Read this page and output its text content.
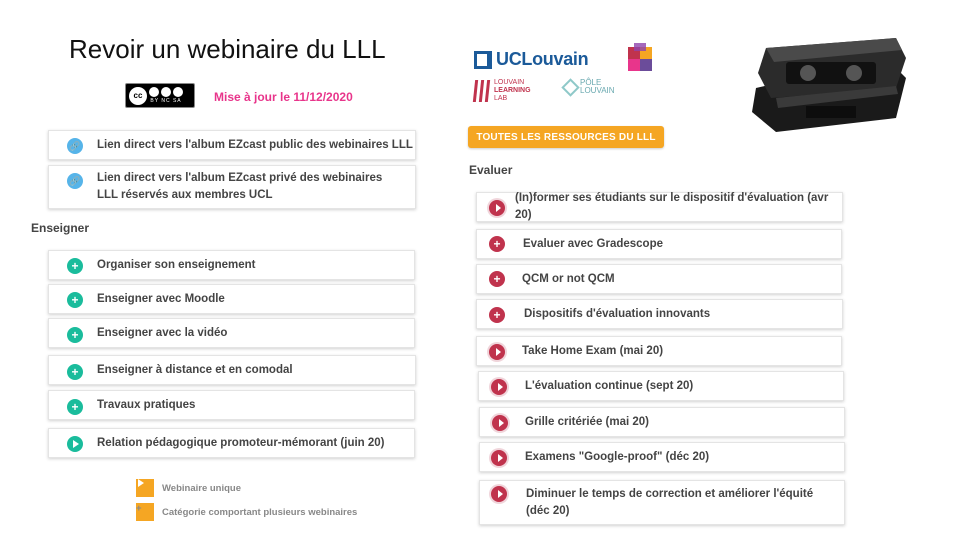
Revoir un webinaire du LLL
cc
BY NC SA	Mise à jour le 11/12/2020
UCLouvain
LOUVAIN
LEARNING
LAB
PÔLE
LOUVAIN
🔗 Lien direct vers l'album EZcast public des webinaires LLL
🔗 Lien direct vers l'album EZcast privé des webinaires LLL réservés aux membres UCL
Enseigner
+	Organiser son enseignement
+	Enseigner avec Moodle
+	Enseigner avec la vidéo
+	Enseigner à distance et en comodal
+	Travaux pratiques
Relation pédagogique promoteur-mémorant (juin 20)
Webinaire unique
+	Catégorie comportant plusieurs webinaires
TOUTES LES RESSOURCES DU LLL
Evaluer
(In)former ses étudiants sur le dispositif d'évaluation (avr 20)
+	Evaluer avec Gradescope
+	QCM or not QCM
+	Dispositifs d'évaluation innovants
Take Home Exam (mai 20)
L'évaluation continue (sept 20)
Grille critériée (mai 20)
Examens "Google-proof" (déc 20)
Diminuer le temps de correction et améliorer l'équité (déc 20)
